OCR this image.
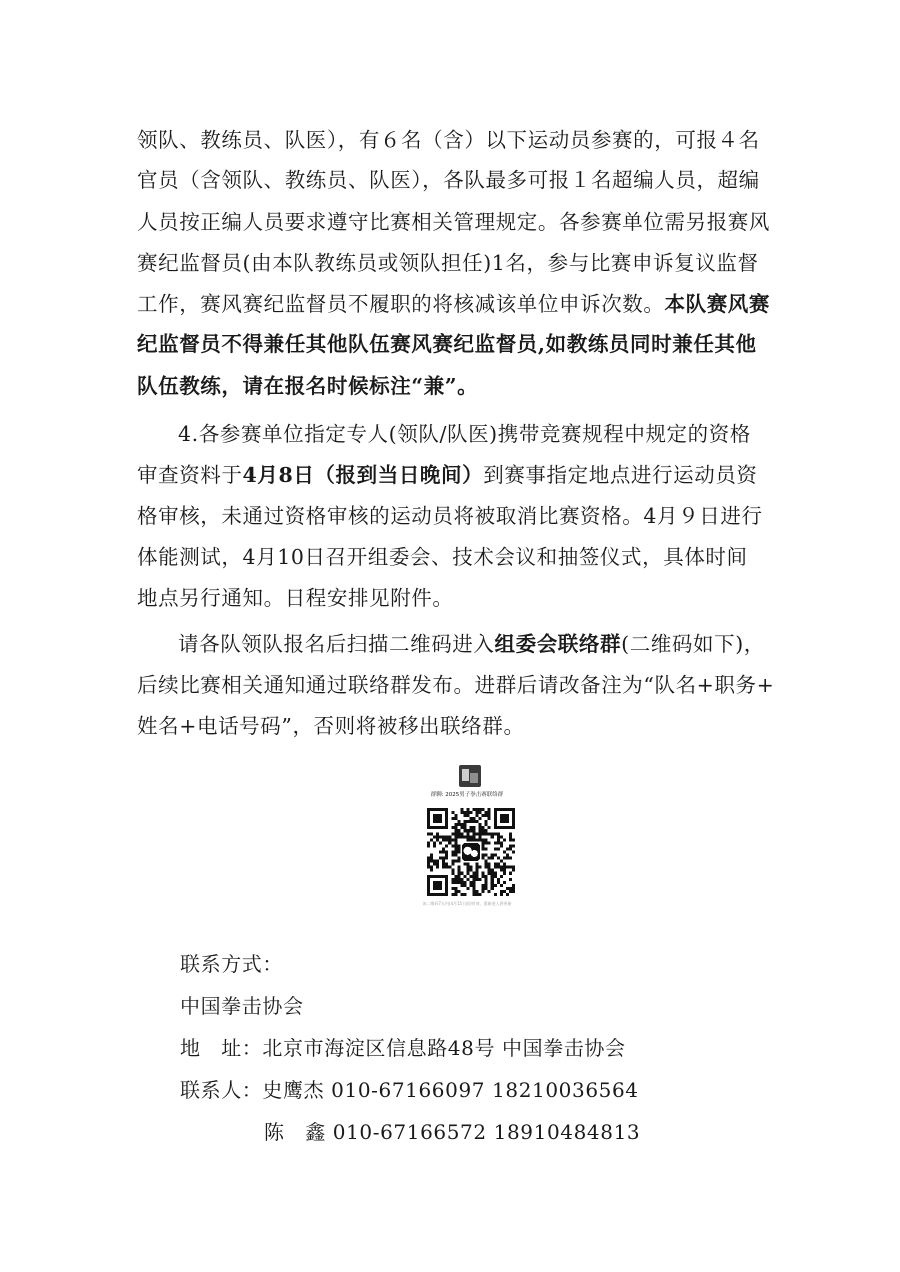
领队、教练员、队医），有６名（含）以下运动员参赛的，可报４名
官员（含领队、教练员、队医），各队最多可报１名超编人员，超编
人员按正编人员要求遵守比赛相关管理规定。各参赛单位需另报赛风
赛纪监督员(由本队教练员或领队担任)1名，参与比赛申诉复议监督
工作，赛风赛纪监督员不履职的将核减该单位申诉次数。本队赛风赛
纪监督员不得兼任其他队伍赛风赛纪监督员,如教练员同时兼任其他
队伍教练，请在报名时候标注“兼”。
4.各参赛单位指定专人(领队/队医)携带竞赛规程中规定的资格
审查资料于4月8日（报到当日晚间）到赛事指定地点进行运动员资
格审核，未通过资格审核的运动员将被取消比赛资格。4月９日进行
体能测试，4月10日召开组委会、技术会议和抽签仪式，具体时间
地点另行通知。日程安排见附件。
请各队领队报名后扫描二维码进入组委会联络群(二维码如下)，
后续比赛相关通知通过联络群发布。进群后请改备注为“队名+职务+
姓名+电话号码”，否则将被移出联络群。
群聊: 2025男子拳击赛联络群
该二维码7天内(4月15日前)有效，重新进入将更新
联系方式：
中国拳击协会
地　址：北京市海淀区信息路48号 中国拳击协会
联系人：史鹰杰 010-67166097 18210036564
陈　鑫 010-67166572 18910484813
